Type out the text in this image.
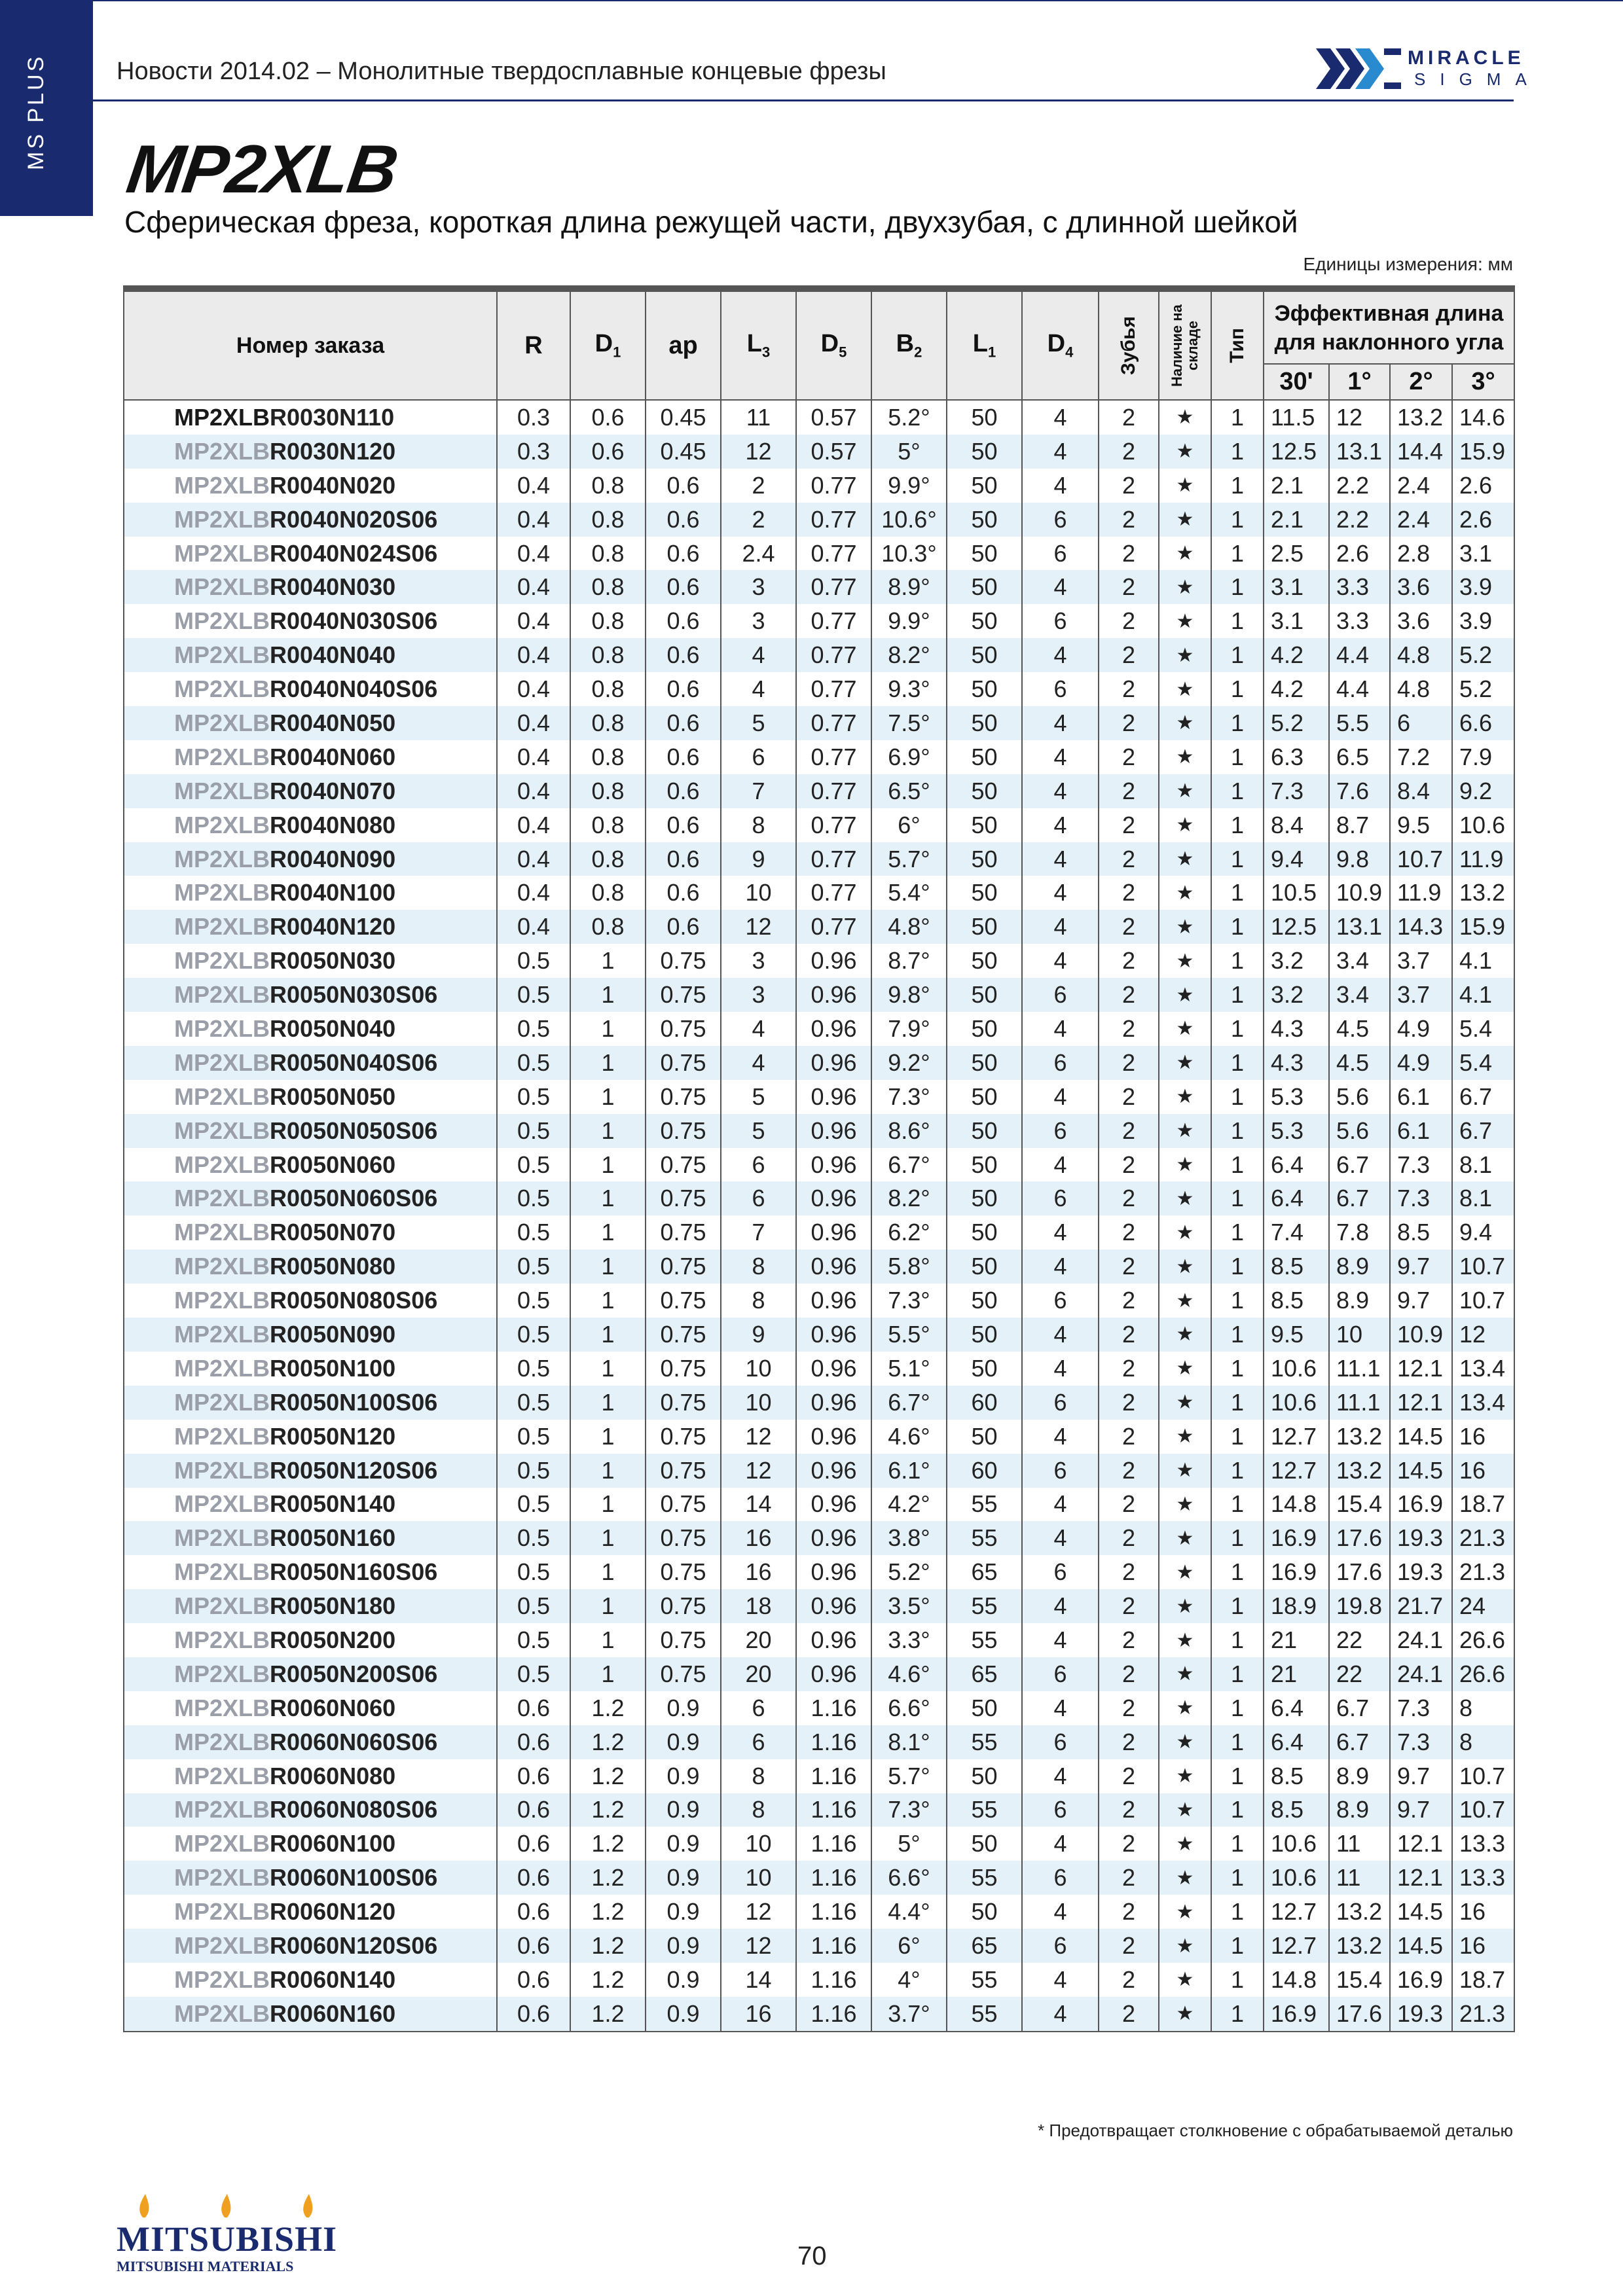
MS PLUS	Новости 2014.02 – Монолитные твердосплавные концевые фрезы	MIRACLE
SIGMA
MP2XLB
Сферическая фреза, короткая длина режущей части, двухзубая, с длинной шейкой
Единицы измерения: мм
Номер заказа	R	$D_1$	ap	$L_3$	$D_5$	$B_2$	$L_1$	$D_4$	Зубья	Наличие на складе	Тип	Эффективная длина для наклонного угла			
												30'	1°	2°	3°
MP2XLBR0030N110	0.3	0.6	0.45	11	0.57	5.2°	50	4	2	★	1	11.5	12	13.2	14.6
MP2XLBR0030N120	0.3	0.6	0.45	12	0.57	5°	50	4	2	★	1	12.5	13.1	14.4	15.9
MP2XLBR0040N020	0.4	0.8	0.6	2	0.77	9.9°	50	4	2	★	1	2.1	2.2	2.4	2.6
MP2XLBR0040N020S06	0.4	0.8	0.6	2	0.77	10.6°	50	6	2	★	1	2.1	2.2	2.4	2.6
MP2XLBR0040N024S06	0.4	0.8	0.6	2.4	0.77	10.3°	50	6	2	★	1	2.5	2.6	2.8	3.1
MP2XLBR0040N030	0.4	0.8	0.6	3	0.77	8.9°	50	4	2	★	1	3.1	3.3	3.6	3.9
MP2XLBR0040N030S06	0.4	0.8	0.6	3	0.77	9.9°	50	6	2	★	1	3.1	3.3	3.6	3.9
MP2XLBR0040N040	0.4	0.8	0.6	4	0.77	8.2°	50	4	2	★	1	4.2	4.4	4.8	5.2
MP2XLBR0040N040S06	0.4	0.8	0.6	4	0.77	9.3°	50	6	2	★	1	4.2	4.4	4.8	5.2
MP2XLBR0040N050	0.4	0.8	0.6	5	0.77	7.5°	50	4	2	★	1	5.2	5.5	6	6.6
MP2XLBR0040N060	0.4	0.8	0.6	6	0.77	6.9°	50	4	2	★	1	6.3	6.5	7.2	7.9
MP2XLBR0040N070	0.4	0.8	0.6	7	0.77	6.5°	50	4	2	★	1	7.3	7.6	8.4	9.2
MP2XLBR0040N080	0.4	0.8	0.6	8	0.77	6°	50	4	2	★	1	8.4	8.7	9.5	10.6
MP2XLBR0040N090	0.4	0.8	0.6	9	0.77	5.7°	50	4	2	★	1	9.4	9.8	10.7	11.9
MP2XLBR0040N100	0.4	0.8	0.6	10	0.77	5.4°	50	4	2	★	1	10.5	10.9	11.9	13.2
MP2XLBR0040N120	0.4	0.8	0.6	12	0.77	4.8°	50	4	2	★	1	12.5	13.1	14.3	15.9
MP2XLBR0050N030	0.5	1	0.75	3	0.96	8.7°	50	4	2	★	1	3.2	3.4	3.7	4.1
MP2XLBR0050N030S06	0.5	1	0.75	3	0.96	9.8°	50	6	2	★	1	3.2	3.4	3.7	4.1
MP2XLBR0050N040	0.5	1	0.75	4	0.96	7.9°	50	4	2	★	1	4.3	4.5	4.9	5.4
MP2XLBR0050N040S06	0.5	1	0.75	4	0.96	9.2°	50	6	2	★	1	4.3	4.5	4.9	5.4
MP2XLBR0050N050	0.5	1	0.75	5	0.96	7.3°	50	4	2	★	1	5.3	5.6	6.1	6.7
MP2XLBR0050N050S06	0.5	1	0.75	5	0.96	8.6°	50	6	2	★	1	5.3	5.6	6.1	6.7
MP2XLBR0050N060	0.5	1	0.75	6	0.96	6.7°	50	4	2	★	1	6.4	6.7	7.3	8.1
MP2XLBR0050N060S06	0.5	1	0.75	6	0.96	8.2°	50	6	2	★	1	6.4	6.7	7.3	8.1
MP2XLBR0050N070	0.5	1	0.75	7	0.96	6.2°	50	4	2	★	1	7.4	7.8	8.5	9.4
MP2XLBR0050N080	0.5	1	0.75	8	0.96	5.8°	50	4	2	★	1	8.5	8.9	9.7	10.7
MP2XLBR0050N080S06	0.5	1	0.75	8	0.96	7.3°	50	6	2	★	1	8.5	8.9	9.7	10.7
MP2XLBR0050N090	0.5	1	0.75	9	0.96	5.5°	50	4	2	★	1	9.5	10	10.9	12
MP2XLBR0050N100	0.5	1	0.75	10	0.96	5.1°	50	4	2	★	1	10.6	11.1	12.1	13.4
MP2XLBR0050N100S06	0.5	1	0.75	10	0.96	6.7°	60	6	2	★	1	10.6	11.1	12.1	13.4
MP2XLBR0050N120	0.5	1	0.75	12	0.96	4.6°	50	4	2	★	1	12.7	13.2	14.5	16
MP2XLBR0050N120S06	0.5	1	0.75	12	0.96	6.1°	60	6	2	★	1	12.7	13.2	14.5	16
MP2XLBR0050N140	0.5	1	0.75	14	0.96	4.2°	55	4	2	★	1	14.8	15.4	16.9	18.7
MP2XLBR0050N160	0.5	1	0.75	16	0.96	3.8°	55	4	2	★	1	16.9	17.6	19.3	21.3
MP2XLBR0050N160S06	0.5	1	0.75	16	0.96	5.2°	65	6	2	★	1	16.9	17.6	19.3	21.3
MP2XLBR0050N180	0.5	1	0.75	18	0.96	3.5°	55	4	2	★	1	18.9	19.8	21.7	24
MP2XLBR0050N200	0.5	1	0.75	20	0.96	3.3°	55	4	2	★	1	21	22	24.1	26.6
MP2XLBR0050N200S06	0.5	1	0.75	20	0.96	4.6°	65	6	2	★	1	21	22	24.1	26.6
MP2XLBR0060N060	0.6	1.2	0.9	6	1.16	6.6°	50	4	2	★	1	6.4	6.7	7.3	8
MP2XLBR0060N060S06	0.6	1.2	0.9	6	1.16	8.1°	55	6	2	★	1	6.4	6.7	7.3	8
MP2XLBR0060N080	0.6	1.2	0.9	8	1.16	5.7°	50	4	2	★	1	8.5	8.9	9.7	10.7
MP2XLBR0060N080S06	0.6	1.2	0.9	8	1.16	7.3°	55	6	2	★	1	8.5	8.9	9.7	10.7
MP2XLBR0060N100	0.6	1.2	0.9	10	1.16	5°	50	4	2	★	1	10.6	11	12.1	13.3
MP2XLBR0060N100S06	0.6	1.2	0.9	10	1.16	6.6°	55	6	2	★	1	10.6	11	12.1	13.3
MP2XLBR0060N120	0.6	1.2	0.9	12	1.16	4.4°	50	4	2	★	1	12.7	13.2	14.5	16
MP2XLBR0060N120S06	0.6	1.2	0.9	12	1.16	6°	65	6	2	★	1	12.7	13.2	14.5	16
MP2XLBR0060N140	0.6	1.2	0.9	14	1.16	4°	55	4	2	★	1	14.8	15.4	16.9	18.7
MP2XLBR0060N160	0.6	1.2	0.9	16	1.16	3.7°	55	4	2	★	1	16.9	17.6	19.3	21.3
* Предотвращает столкновение с обрабатываемой деталью
MITSUBISHI
MITSUBISHI MATERIALS	70
